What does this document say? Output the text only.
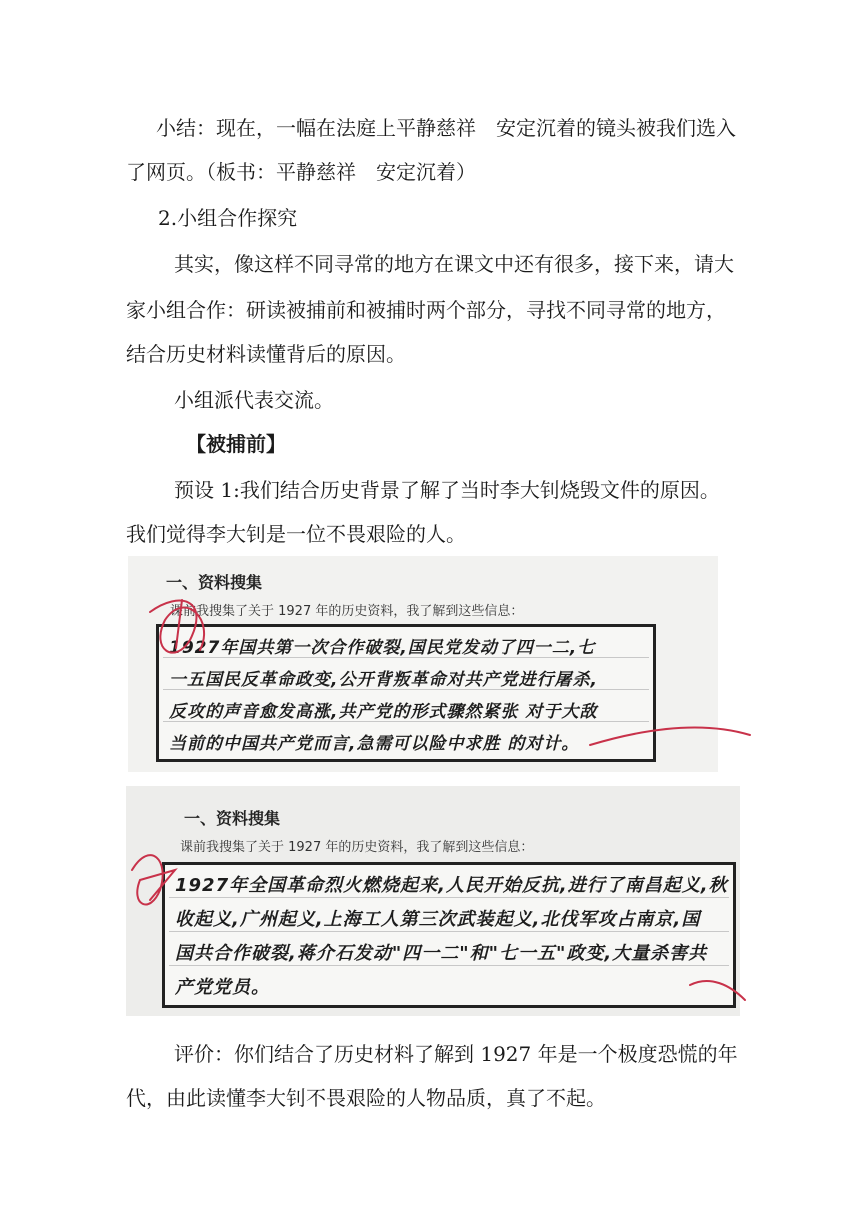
小结：现在，一幅在法庭上平静慈祥　安定沉着的镜头被我们选入
了网页。（板书：平静慈祥　安定沉着）
2.小组合作探究
其实，像这样不同寻常的地方在课文中还有很多，接下来，请大
家小组合作：研读被捕前和被捕时两个部分，寻找不同寻常的地方，
结合历史材料读懂背后的原因。
小组派代表交流。
【被捕前】
预设 1:我们结合历史背景了解了当时李大钊烧毁文件的原因。
我们觉得李大钊是一位不畏艰险的人。
一、资料搜集
课前我搜集了关于 1927 年的历史资料，我了解到这些信息：
1927年国共第一次合作破裂,国民党发动了四一二,七
一五国民反革命政变,公开背叛革命对共产党进行屠杀,
反攻的声音愈发高涨,共产党的形式骤然紧张 对于大敌
当前的中国共产党而言,急需可以险中求胜 的对计。
一、资料搜集
课前我搜集了关于 1927 年的历史资料，我了解到这些信息：
1927年全国革命烈火燃烧起来,人民开始反抗,进行了南昌起义,秋
收起义,广州起义,上海工人第三次武装起义,北伐军攻占南京,国
国共合作破裂,蒋介石发动"四一二"和"七一五"政变,大量杀害共
产党党员。
评价：你们结合了历史材料了解到 1927 年是一个极度恐慌的年
代，由此读懂李大钊不畏艰险的人物品质，真了不起。
